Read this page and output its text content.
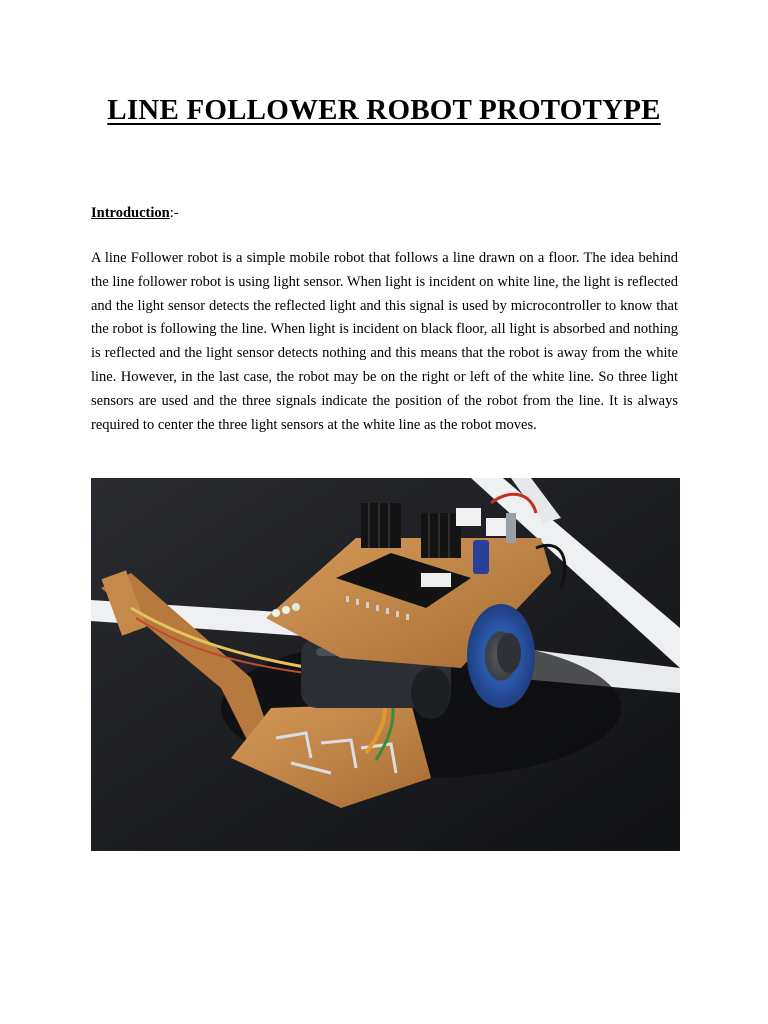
LINE FOLLOWER ROBOT PROTOTYPE
Introduction:-

A line Follower robot is a simple mobile robot that follows a line drawn on a floor. The idea behind the line follower robot is using light sensor. When light is incident on white line, the light is reflected and the light sensor detects the reflected light and this signal is used by microcontroller to know that the robot is following the line. When light is incident on black floor, all light is absorbed and nothing is reflected and the light sensor detects nothing and this means that the robot is away from the white line. However, in the last case, the robot may be on the right or left of the white line. So three light sensors are used and the three signals indicate the position of the robot from the line. It is always required to center the three light sensors at the white line as the robot moves.
